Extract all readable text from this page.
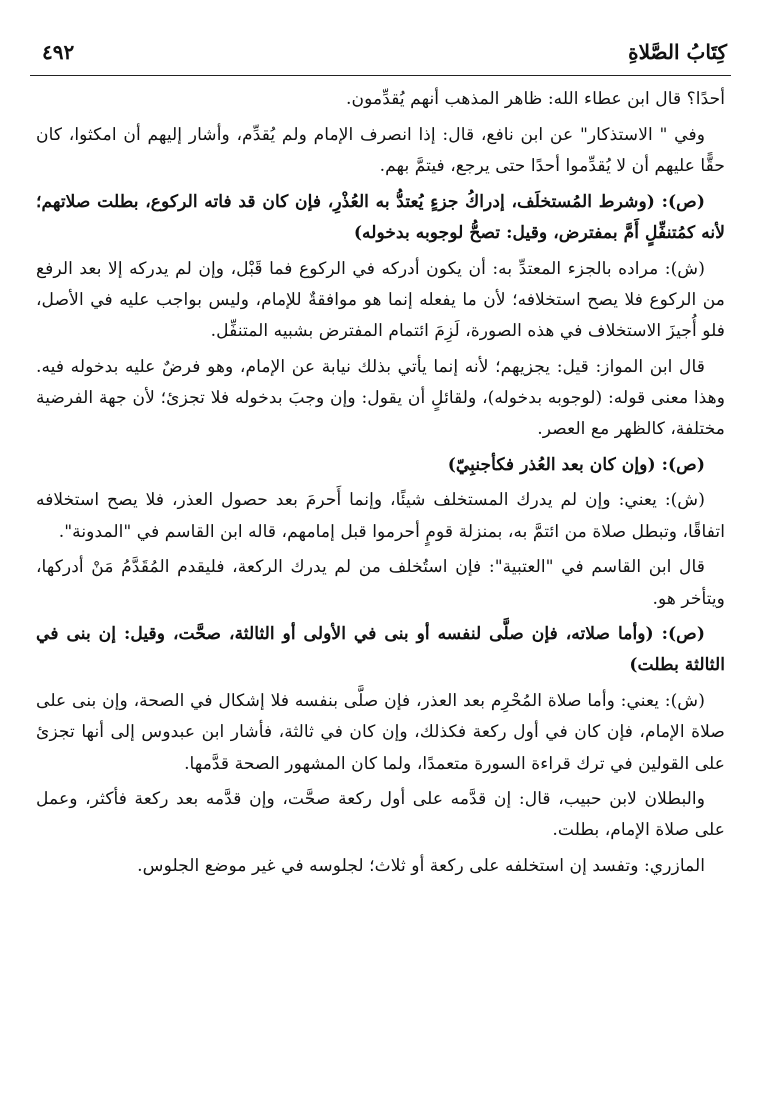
٤٩٢	كِتَابُ الصَّلاةِ

أحدًا؟ قال ابن عطاء الله: ظاهر المذهب أنهم يُقدِّمون.

وفي " الاستذكار" عن ابن نافع، قال: إذا انصرف الإمام ولم يُقدِّم، وأشار إليهم أن امكثوا، كان حقًّا عليهم أن لا يُقدِّموا أحدًا حتى يرجع، فيتمَّ بهم.

(ص): (وشرط المُستخلَف، إدراكُ جزءٍ يُعتدُّ به العُذْرِ، فإن كان قد فاته الركوع، بطلت صلاتهم؛ لأنه كمُتنفِّلٍ أَمَّ بمفترض، وقيل: تصحُّ لوجوبه بدخوله)

(ش): مراده بالجزء المعتدِّ به: أن يكون أدركه في الركوع فما قَبْل، وإن لم يدركه إلا بعد الرفع من الركوع فلا يصح استخلافه؛ لأن ما يفعله إنما هو موافقةٌ للإمام، وليس بواجب عليه في الأصل، فلو أُجيزَ الاستخلاف في هذه الصورة، لَزِمَ ائتمام المفترض بشبيه المتنفِّل.

قال ابن المواز: قيل: يجزيهم؛ لأنه إنما يأتي بذلك نيابة عن الإمام، وهو فرضٌ عليه بدخوله فيه. وهذا معنى قوله: (لوجوبه بدخوله)، ولقائلٍ أن يقول: وإن وجبَ بدخوله فلا تجزئ؛ لأن جهة الفرضية مختلفة، كالظهر مع العصر.

(ص): (وإن كان بعد العُذر فكأجنبِيّ)

(ش): يعني: وإن لم يدرك المستخلف شيئًا، وإنما أَحرمَ بعد حصول العذر، فلا يصح استخلافه اتفاقًا، وتبطل صلاة من ائتمَّ به، بمنزلة قومٍ أحرموا قبل إمامهم، قاله ابن القاسم في "المدونة".

قال ابن القاسم في "العتبية": فإن استُخلف من لم يدرك الركعة، فليقدم المُقَدَّمُ مَنْ أدركها، ويتأخر هو.

(ص): (وأما صلاته، فإن صلَّى لنفسه أو بنى في الأولى أو الثالثة، صحَّت، وقيل: إن بنى في الثالثة بطلت)

(ش): يعني: وأما صلاة المُحْرِم بعد العذر، فإن صلَّى بنفسه فلا إشكال في الصحة، وإن بنى على صلاة الإمام، فإن كان في أول ركعة فكذلك، وإن كان في ثالثة، فأشار ابن عبدوس إلى أنها تجزئ على القولين في ترك قراءة السورة متعمدًا، ولما كان المشهور الصحة قدَّمها.

والبطلان لابن حبيب، قال: إن قدَّمه على أول ركعة صحَّت، وإن قدَّمه بعد ركعة فأكثر، وعمل على صلاة الإمام، بطلت.

المازري: وتفسد إن استخلفه على ركعة أو ثلاث؛ لجلوسه في غير موضع الجلوس.
